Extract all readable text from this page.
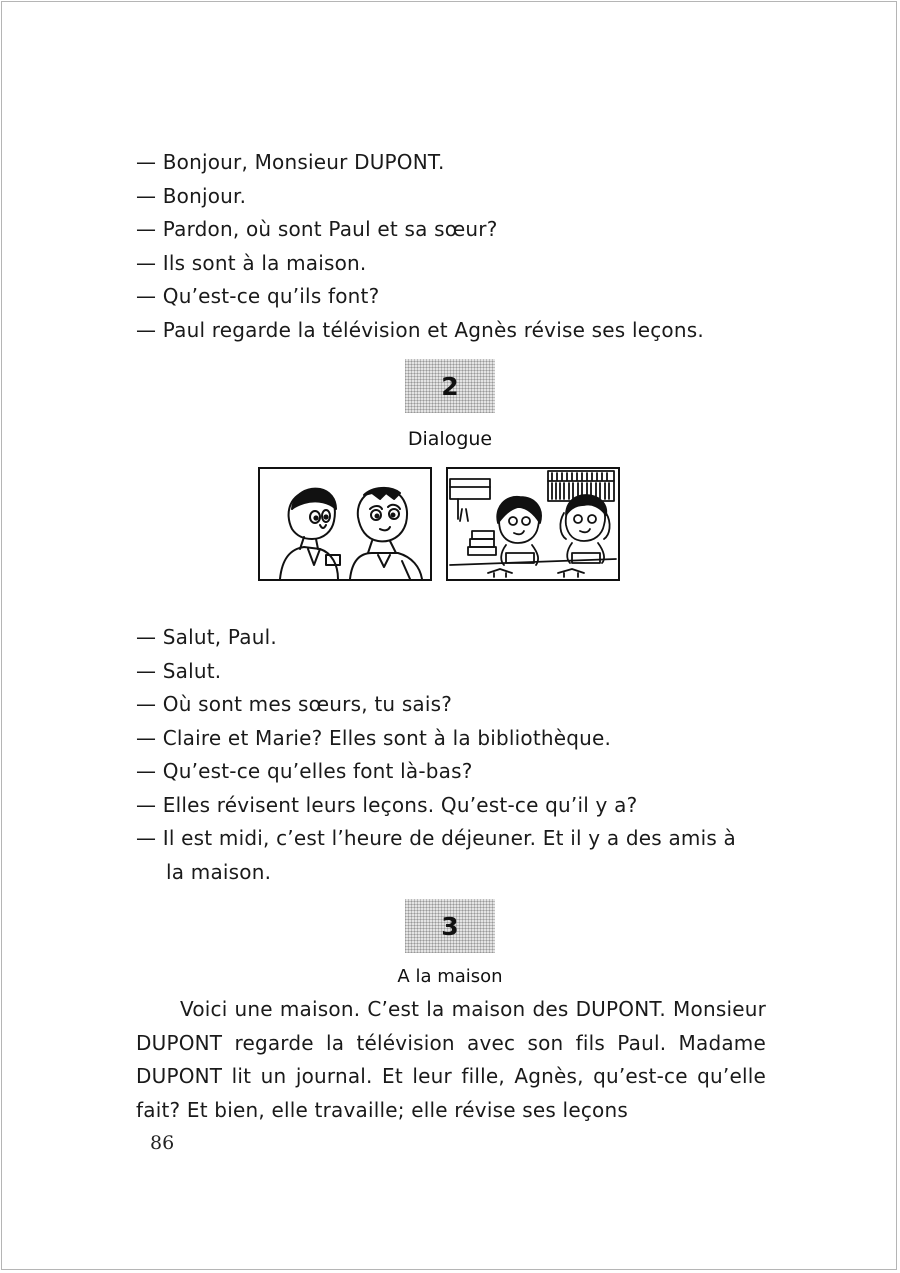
— Bonjour, Monsieur DUPONT.
— Bonjour.
— Pardon, où sont Paul et sa sœur?
— Ils sont à la maison.
— Qu’est-ce qu’ils font?
— Paul regarde la télévision et Agnès révise ses leçons.
2
Dialogue
— Salut, Paul.
— Salut.
— Où sont mes sœurs, tu sais?
— Claire et Marie? Elles sont à la bibliothèque.
— Qu’est-ce qu’elles font là-bas?
— Elles révisent leurs leçons. Qu’est-ce qu’il y a?
— Il est midi, c’est l’heure de déjeuner. Et il y a des amis à
la maison.
3
A la maison
Voici une maison. C’est la maison des DUPONT. Monsieur DUPONT regarde la télévision avec son fils Paul. Madame DUPONT lit un journal. Et leur fille, Agnès, qu’est-ce qu’elle fait? Et bien, elle travaille; elle révise ses leçons
86
